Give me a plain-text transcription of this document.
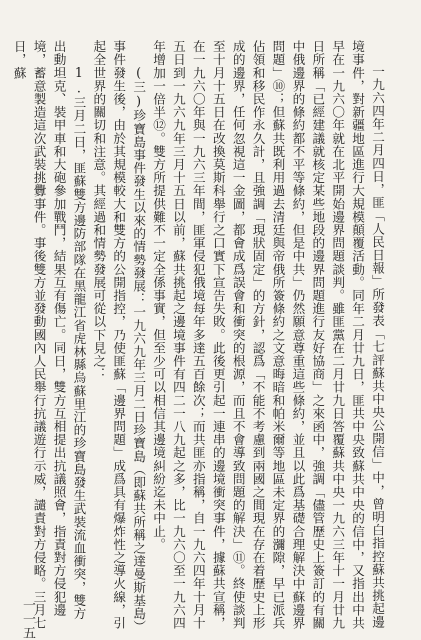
一九六四年二月四日，匪「人民日報」所發表「七評蘇共中央公開信」中，曾明白指控蘇共挑起邊境事件，對新疆地區進行大規模顛覆活動。同年二月廿九日，匪共中央致蘇共中央的信中，又指出中共早在一九六〇年就在北平開始邊界問題談判。雖匪黨在二月廿九日答覆蘇共中央一九六三年十一月廿九日所稱「已經建議就核定某些地段的邊界問題進行友好協商」之來函中，強調「儘管歷史上簽訂的有關中俄邊界的條約都不平等條約，但是中共」仍然願意尊重這些條約，並且以此爲基礎合理解決中蘇邊界問題」⑩；但蘇共既利用過去清廷與帝俄所簽條約之文意晦暗和帕米爾等地區未定界的瀰隙，早已派兵佔領和移民作永久計，且強調「現狀固定」的方針，認爲「不能不考慮到兩國之間現在存在着歷史上形成的邊界，任何忽視這一金圖，都會成爲誤會和衝突的根源，而且不會導致問題的解決」⑪。終使談判至十月十五日在改換莫斯科舉行之口實下宣告失敗。此後更引起一連串的邊境衝突事件，據蘇共宣稱，在一九六〇年與一九六三年間，匪軍侵犯俄境每年多達五百餘次；而共匪亦指稱，自一九六四年十月十五日到一九六九年三月十五日以前，蘇共挑起之邊境事件有四二一八九起之多，比一九六〇至一九六四年增加一倍半⑫。雙方所提供難不一定全係事實，但至少可以相信其邊境糾紛迄未中止。

(三)珍寶島事件發生以來的情勢發展：一九六九年三月二日珍寶島（即蘇共所稱之達曼斯基島）事件發生後，由於其規模較大和雙方的公開指控，乃使匪蘇「邊界問題」成爲具有爆炸性之導火線，引起全世界的關切和注意。其經過和情勢發展可從以下見之：

1.三月二日，匪蘇雙方邊防部隊在黑龍江省虎林縣烏蘇里江的珍寶島發生武裝流血衝突，雙方出動坦克、裝甲車和大砲參加戰鬥，結果互有傷亡。同日，雙方互相提出抗議照會，指責對方侵犯邊境，蓄意製造這次武裝挑釁事件。事後雙方並發動國內人民舉行抗議遊行示威，譴責對方侵略。三月七日，蘇

一一五
